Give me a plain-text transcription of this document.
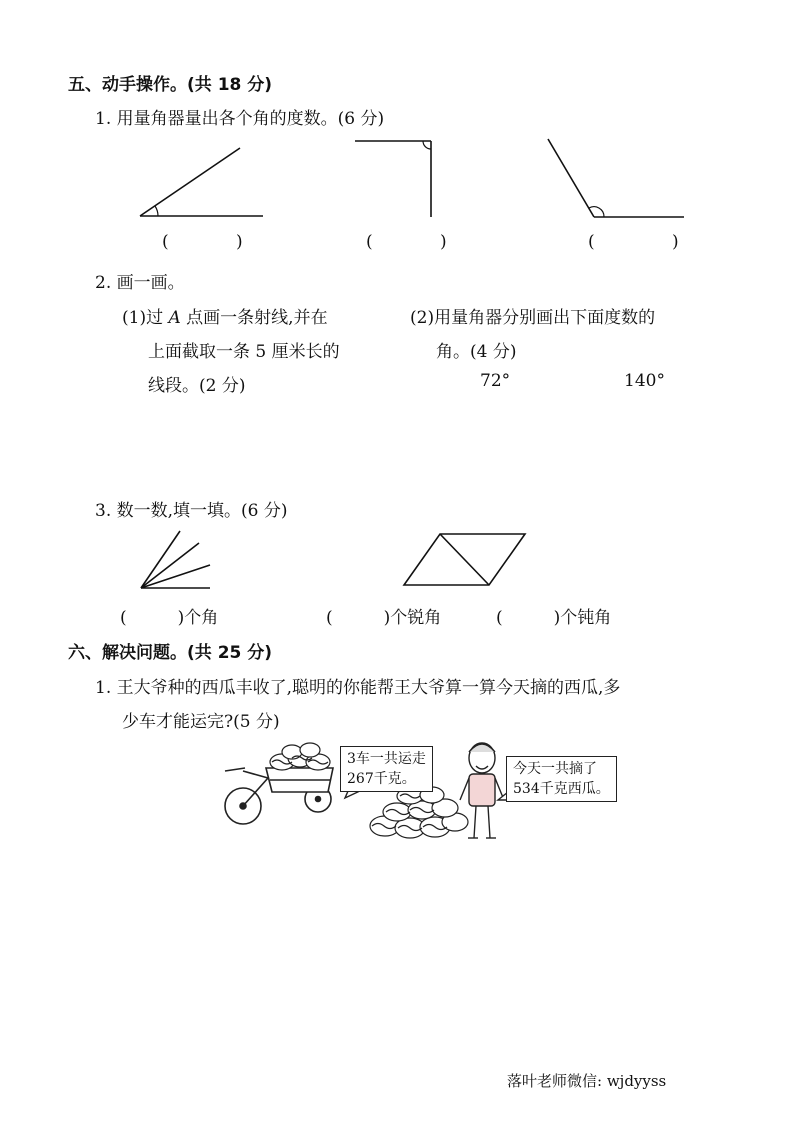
五、动手操作。(共 18 分)
1. 用量角器量出各个角的度数。(6 分)
(	)	(	)	(	)
2. 画一画。
(1)过 A 点画一条射线,并在
上面截取一条 5 厘米长的
线段。(2 分)
(2)用量角器分别画出下面度数的
角。(4 分)
72°	140°
3. 数一数,填一填。(6 分)
(　　　)个角	(　　　)个锐角	(　　　)个钝角
六、解决问题。(共 25 分)
1. 王大爷种的西瓜丰收了,聪明的你能帮王大爷算一算今天摘的西瓜,多
少车才能运完?(5 分)
3车一共运走
267千克。
今天一共摘了
534千克西瓜。
落叶老师微信: wjdyyss
